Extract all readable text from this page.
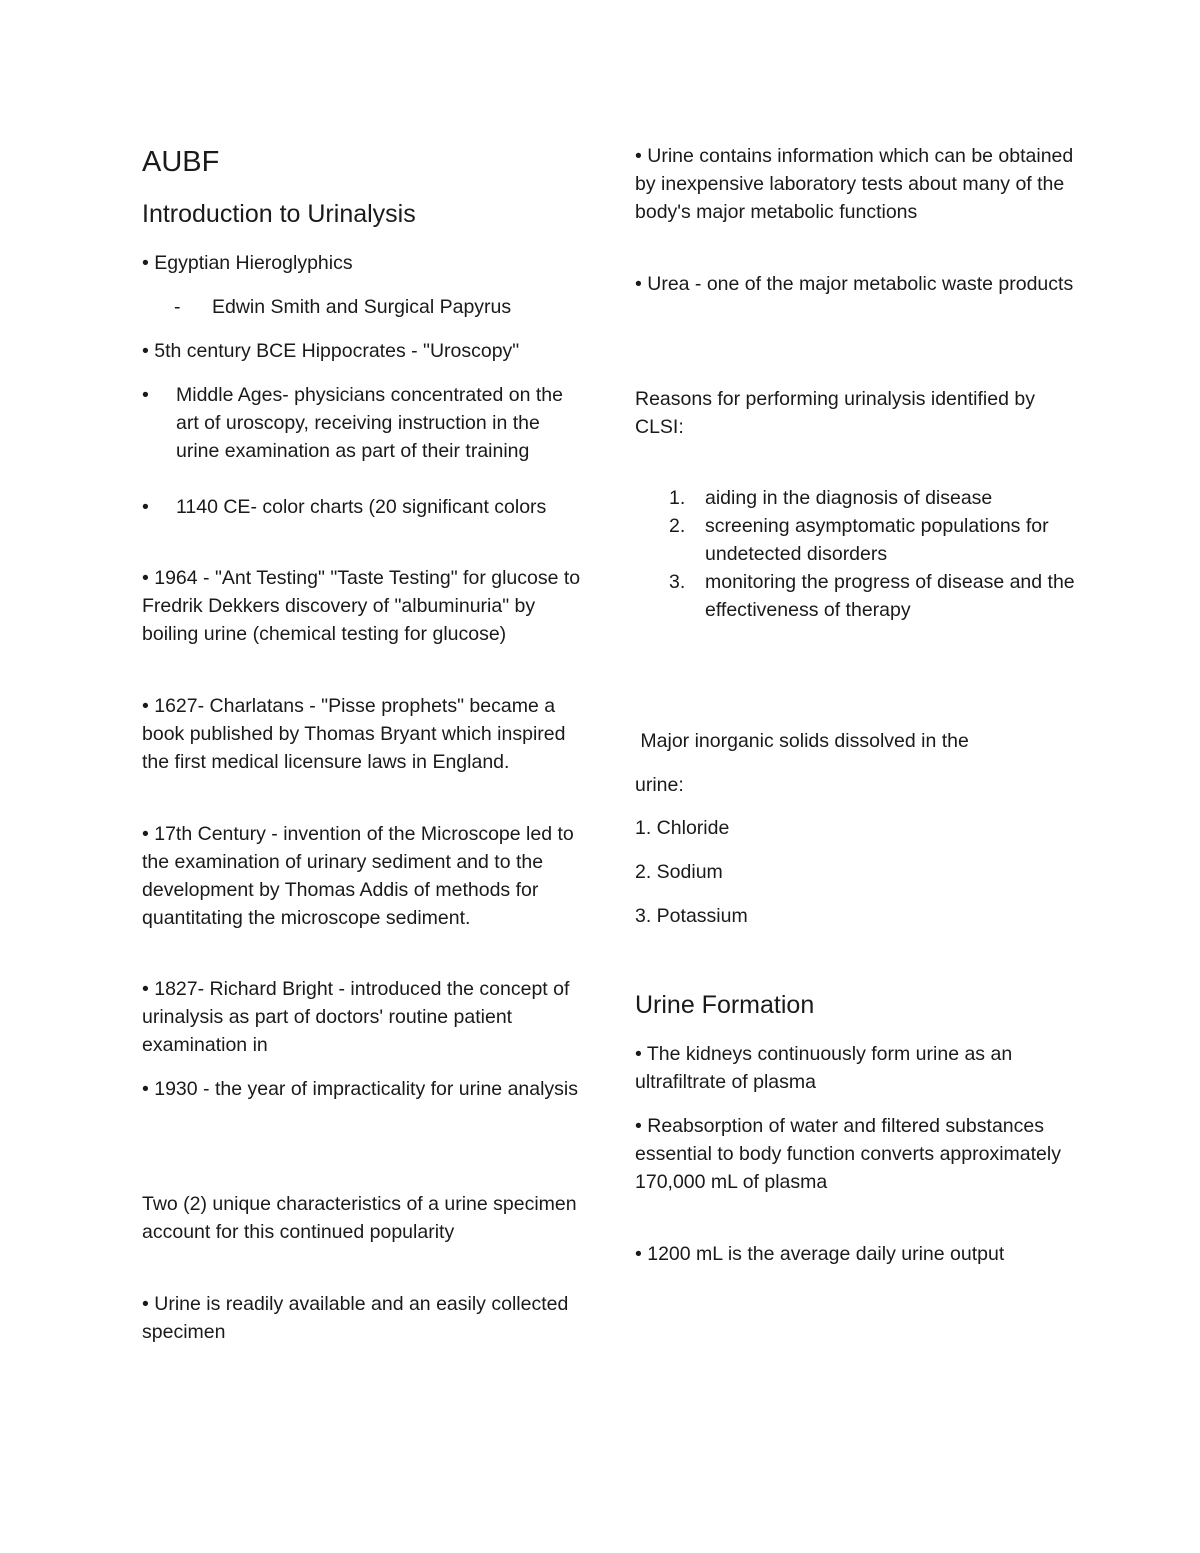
AUBF
Introduction to Urinalysis

• Egyptian Hieroglyphics

-	Edwin Smith and Surgical Papyrus

• 5th century BCE Hippocrates - "Uroscopy"

•	Middle Ages- physicians concentrated on the art of uroscopy, receiving instruction in the urine examination as part of their training
•	1140 CE- color charts (20 significant colors

• 1964 - "Ant Testing" "Taste Testing" for glucose to Fredrik Dekkers discovery of "albuminuria" by boiling urine (chemical testing for glucose)

• 1627- Charlatans - "Pisse prophets" became a book published by Thomas Bryant which inspired the first medical licensure laws in England.

• 17th Century - invention of the Microscope led to the examination of urinary sediment and to the development by Thomas Addis of methods for quantitating the microscope sediment.

• 1827- Richard Bright - introduced the concept of urinalysis as part of doctors' routine patient examination in

• 1930 - the year of impracticality for urine analysis

Two (2) unique characteristics of a urine specimen account for this continued popularity

• Urine is readily available and an easily collected specimen

• Urine contains information which can be obtained by inexpensive laboratory tests about many of the body's major metabolic functions

• Urea - one of the major metabolic waste products

Reasons for performing urinalysis identified by CLSI:

1.	aiding in the diagnosis of disease
2.	screening asymptomatic populations for undetected disorders
3.	monitoring the progress of disease and the effectiveness of therapy

Major inorganic solids dissolved in the

urine:

1. Chloride

2. Sodium

3. Potassium

Urine Formation

• The kidneys continuously form urine as an ultrafiltrate of plasma

• Reabsorption of water and filtered substances essential to body function converts approximately 170,000 mL of plasma

• 1200 mL is the average daily urine output
